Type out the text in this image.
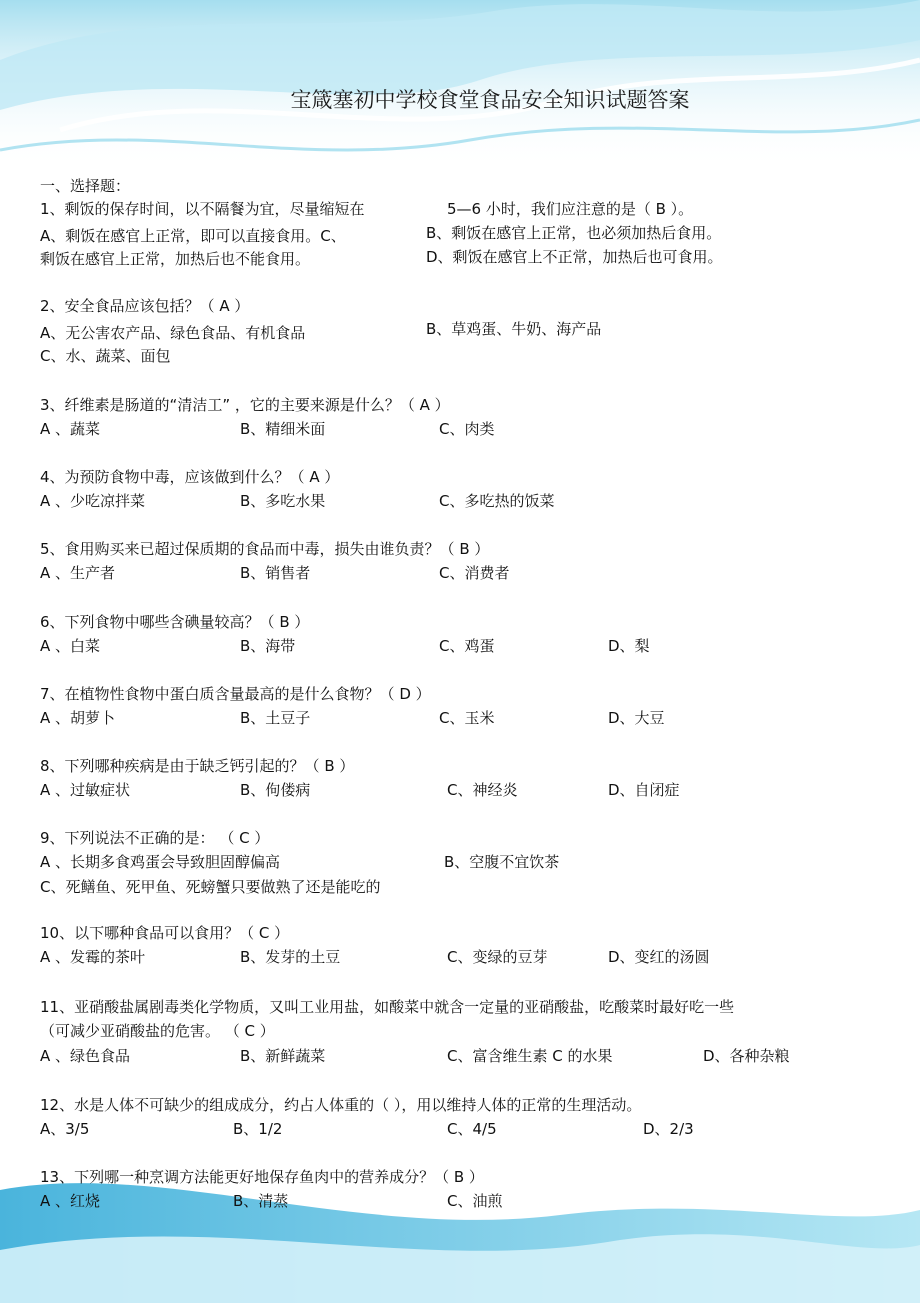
宝箴塞初中学校食堂食品安全知识试题答案
一、选择题：
1、剩饭的保存时间，以不隔餐为宜，尽量缩短在	5—6 小时，我们应注意的是（ B ）。
A、剩饭在感官上正常，即可以直接食用。C、	B、剩饭在感官上正常，也必须加热后食用。
剩饭在感官上正常，加热后也不能食用。	D、剩饭在感官上不正常，加热后也可食用。
2、安全食品应该包括？（ A ）
A、无公害农产品、绿色食品、有机食品	B、草鸡蛋、牛奶、海产品
C、水、蔬菜、面包
3、纤维素是肠道的“清洁工” ，它的主要来源是什么？（ A ）
A 、蔬菜	B、精细米面	C、肉类
4、为预防食物中毒，应该做到什么？（ A ）
A 、少吃凉拌菜	B、多吃水果	C、多吃热的饭菜
5、食用购买来已超过保质期的食品而中毒，损失由谁负责？（ B ）
A 、生产者	B、销售者	C、消费者
6、下列食物中哪些含碘量较高？（ B ）
A 、白菜	B、海带	C、鸡蛋	D、梨
7、在植物性食物中蛋白质含量最高的是什么食物？（ D ）
A 、胡萝卜	B、土豆子	C、玉米	D、大豆
8、下列哪种疾病是由于缺乏钙引起的？（ B ）
A 、过敏症状	B、佝偻病	C、神经炎	D、自闭症
9、下列说法不正确的是： （ C ）
A 、长期多食鸡蛋会导致胆固醇偏高	B、空腹不宜饮茶
C、死鳝鱼、死甲鱼、死螃蟹只要做熟了还是能吃的
10、以下哪种食品可以食用？（ C ）
A 、发霉的茶叶	B、发芽的土豆	C、变绿的豆芽	D、变红的汤圆
11、亚硝酸盐属剧毒类化学物质，又叫工业用盐，如酸菜中就含一定量的亚硝酸盐，吃酸菜时最好吃一些
（可减少亚硝酸盐的危害。 （ C ）
A 、绿色食品	B、新鲜蔬菜	C、富含维生素 C 的水果	D、各种杂粮
12、水是人体不可缺少的组成成分，约占人体重的（ ），用以维持人体的正常的生理活动。
A、3/5	B、1/2	C、4/5	D、2/3
13、下列哪一种烹调方法能更好地保存鱼肉中的营养成分？（ B ）
A 、红烧	B、清蒸	C、油煎
